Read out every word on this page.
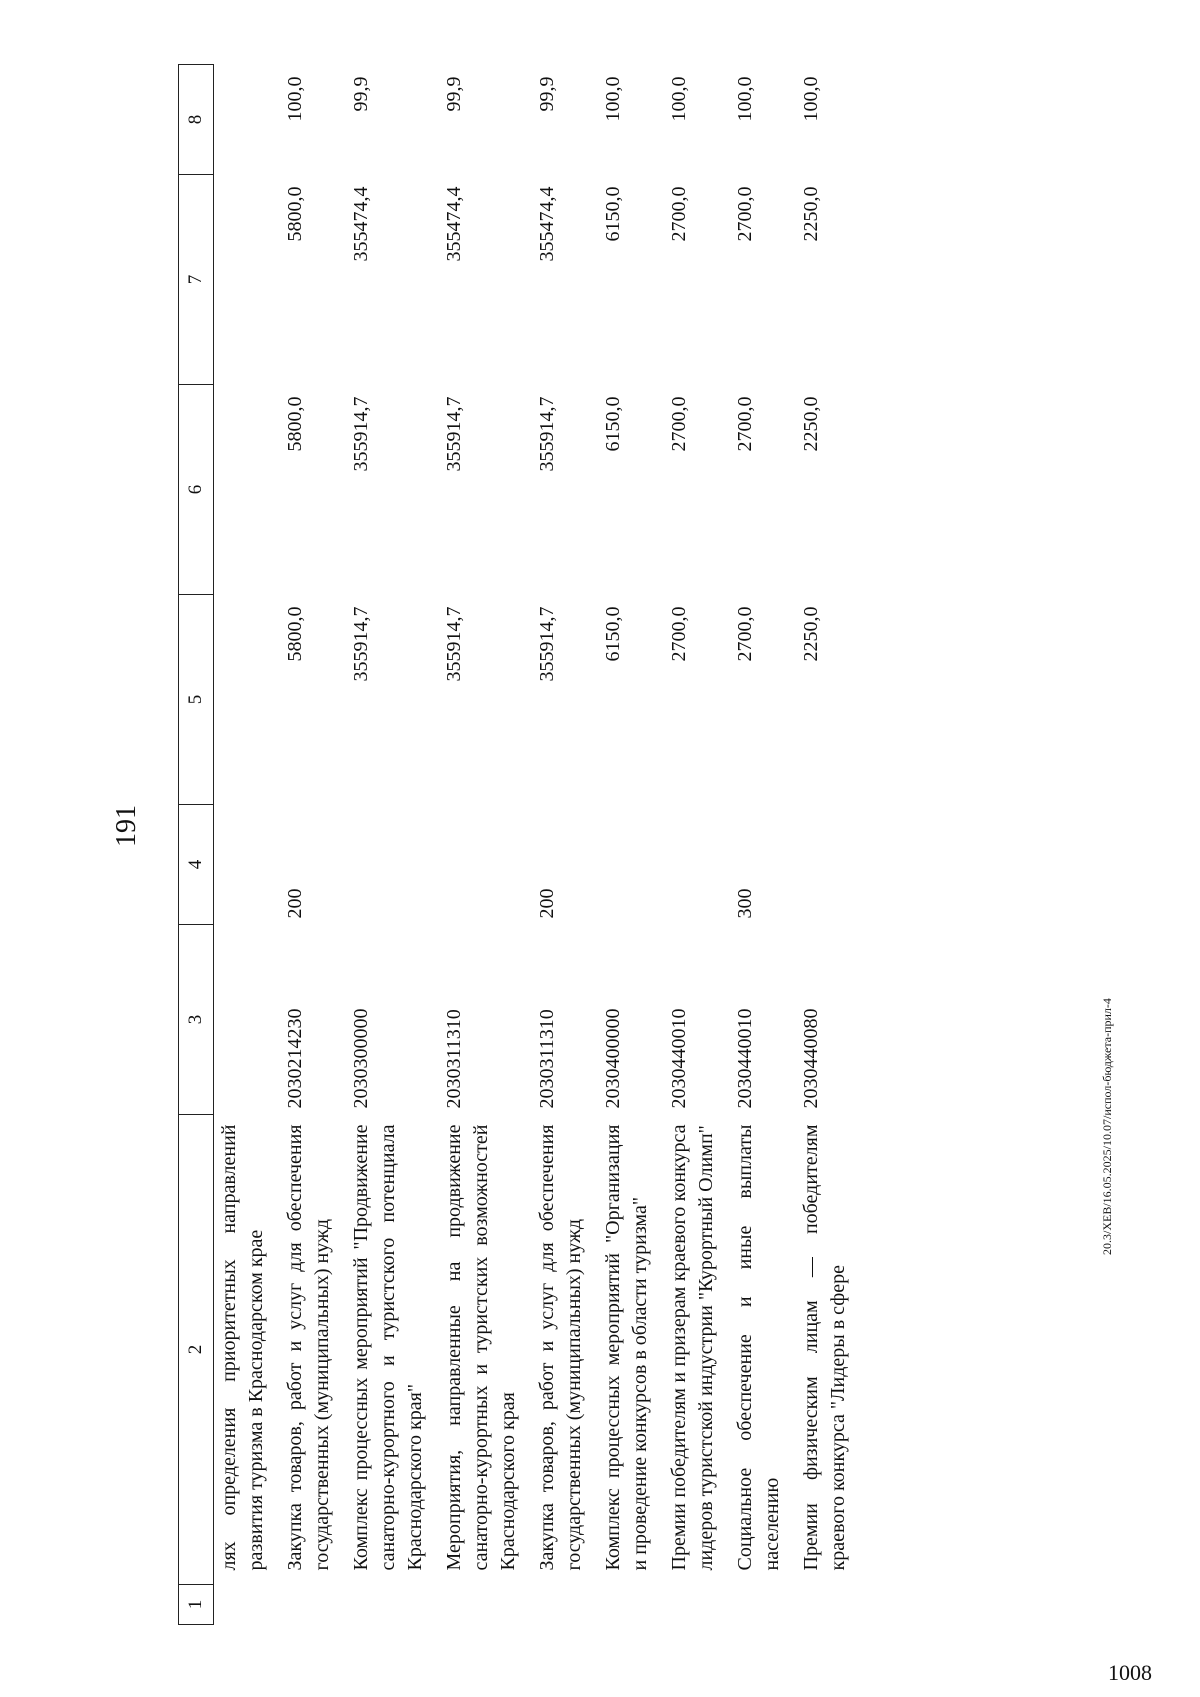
191
1	2	3	4	5	6	7	8
	лях определения приоритетных направлений развития туризма в Краснодарском крае						
	Закупка товаров, работ и услуг для обеспечения государственных (муниципальных) нужд	2030214230	200	5800,0	5800,0	5800,0	100,0
	Комплекс процессных мероприятий "Продвижение санаторно-курортного и туристского потенциала Краснодарского края"	2030300000		355914,7	355914,7	355474,4	99,9
	Мероприятия, направленные на продвижение санаторно-курортных и туристских возможностей Краснодарского края	2030311310		355914,7	355914,7	355474,4	99,9
	Закупка товаров, работ и услуг для обеспечения государственных (муниципальных) нужд	2030311310	200	355914,7	355914,7	355474,4	99,9
	Комплекс процессных мероприятий "Организация и проведение конкурсов в области туризма"	2030400000		6150,0	6150,0	6150,0	100,0
	Премии победителям и призерам краевого конкурса лидеров туристской индустрии "Курортный Олимп"	2030440010		2700,0	2700,0	2700,0	100,0
	Социальное обеспечение и иные выплаты населению	2030440010	300	2700,0	2700,0	2700,0	100,0
	Премии физическим лицам — победителям краевого конкурса "Лидеры в сфере	2030440080		2250,0	2250,0	2250,0	100,0
20.3/ХЕВ/16.05.2025/10.07/испол-бюджета-прил-4
1008
